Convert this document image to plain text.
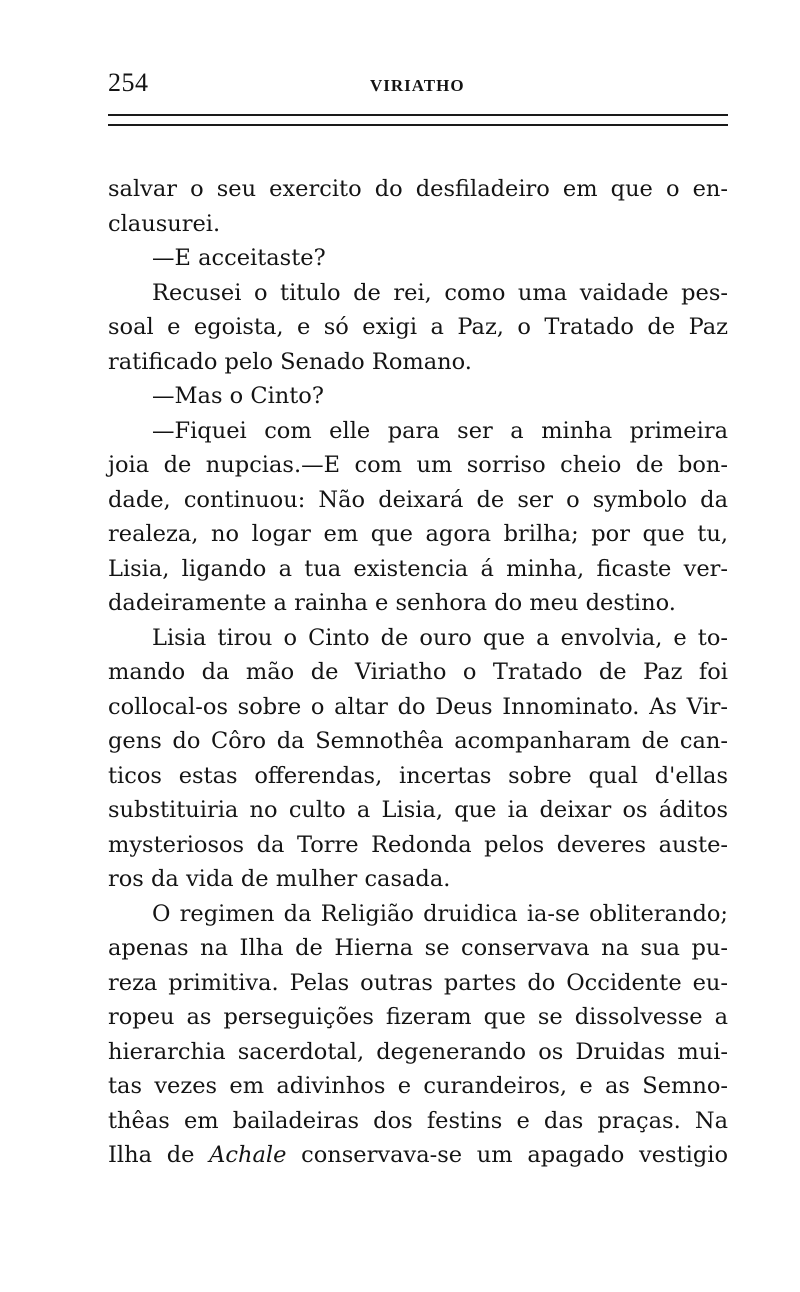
254	VIRIATHO
salvar o seu exercito do desfiladeiro em que o en-
clausurei.
—E acceitaste?
Recusei o titulo de rei, como uma vaidade pes-
soal e egoista, e só exigi a Paz, o Tratado de Paz
ratificado pelo Senado Romano.
—Mas o Cinto?
—Fiquei com elle para ser a minha primeira
joia de nupcias.—E com um sorriso cheio de bon-
dade, continuou: Não deixará de ser o symbolo da
realeza, no logar em que agora brilha; por que tu,
Lisia, ligando a tua existencia á minha, ficaste ver-
dadeiramente a rainha e senhora do meu destino.
Lisia tirou o Cinto de ouro que a envolvia, e to-
mando da mão de Viriatho o Tratado de Paz foi
collocal-os sobre o altar do Deus Innominato. As Vir-
gens do Côro da Semnothêa acompanharam de can-
ticos estas offerendas, incertas sobre qual d'ellas
substituiria no culto a Lisia, que ia deixar os áditos
mysteriosos da Torre Redonda pelos deveres auste-
ros da vida de mulher casada.
O regimen da Religião druidica ia-se obliterando;
apenas na Ilha de Hierna se conservava na sua pu-
reza primitiva. Pelas outras partes do Occidente eu-
ropeu as perseguições fizeram que se dissolvesse a
hierarchia sacerdotal, degenerando os Druidas mui-
tas vezes em adivinhos e curandeiros, e as Semno-
thêas em bailadeiras dos festins e das praças. Na
Ilha de Achale conservava-se um apagado vestigio
